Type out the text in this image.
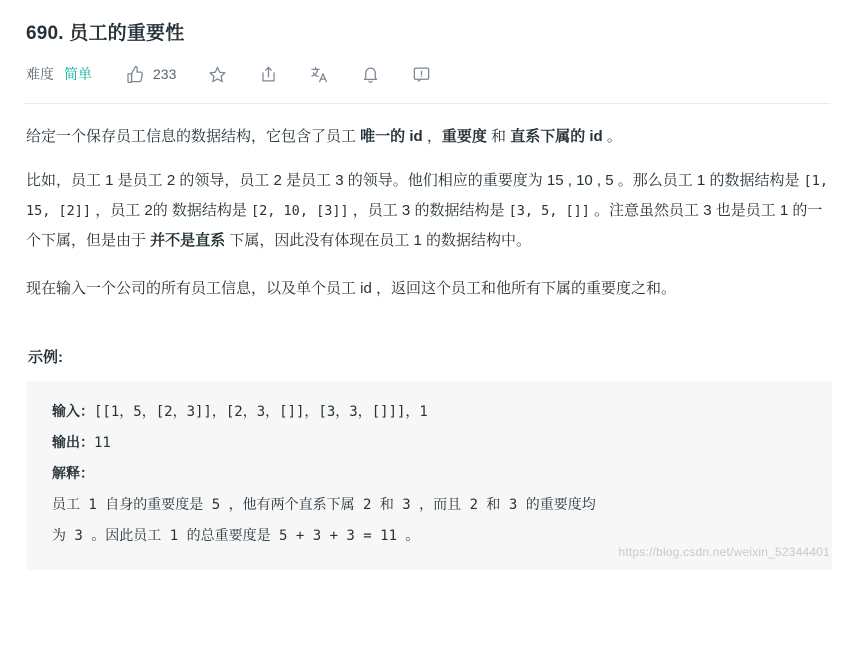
690. 员工的重要性
难度 简单	233

给定一个保存员工信息的数据结构，它包含了员工 唯一的 id ，重要度 和 直系下属的 id 。

比如，员工 1 是员工 2 的领导，员工 2 是员工 3 的领导。他们相应的重要度为 15 , 10 , 5 。那么员工 1 的数据结构是 [1, 15, [2]] ，员工 2的 数据结构是 [2, 10, [3]] ，员工 3 的数据结构是 [3, 5, []] 。注意虽然员工 3 也是员工 1 的一个下属，但是由于 并不是直系 下属，因此没有体现在员工 1 的数据结构中。

现在输入一个公司的所有员工信息，以及单个员工 id ，返回这个员工和他所有下属的重要度之和。

示例:
输入：[[1，5，[2，3]]，[2，3，[]]，[3，3，[]]]，1
输出：11
解释：
员工 1 自身的重要度是 5 ，他有两个直系下属 2 和 3 ，而且 2 和 3 的重要度均
为 3 。因此员工 1 的总重要度是 5 + 3 + 3 = 11 。
https://blog.csdn.net/weixin_52344401
